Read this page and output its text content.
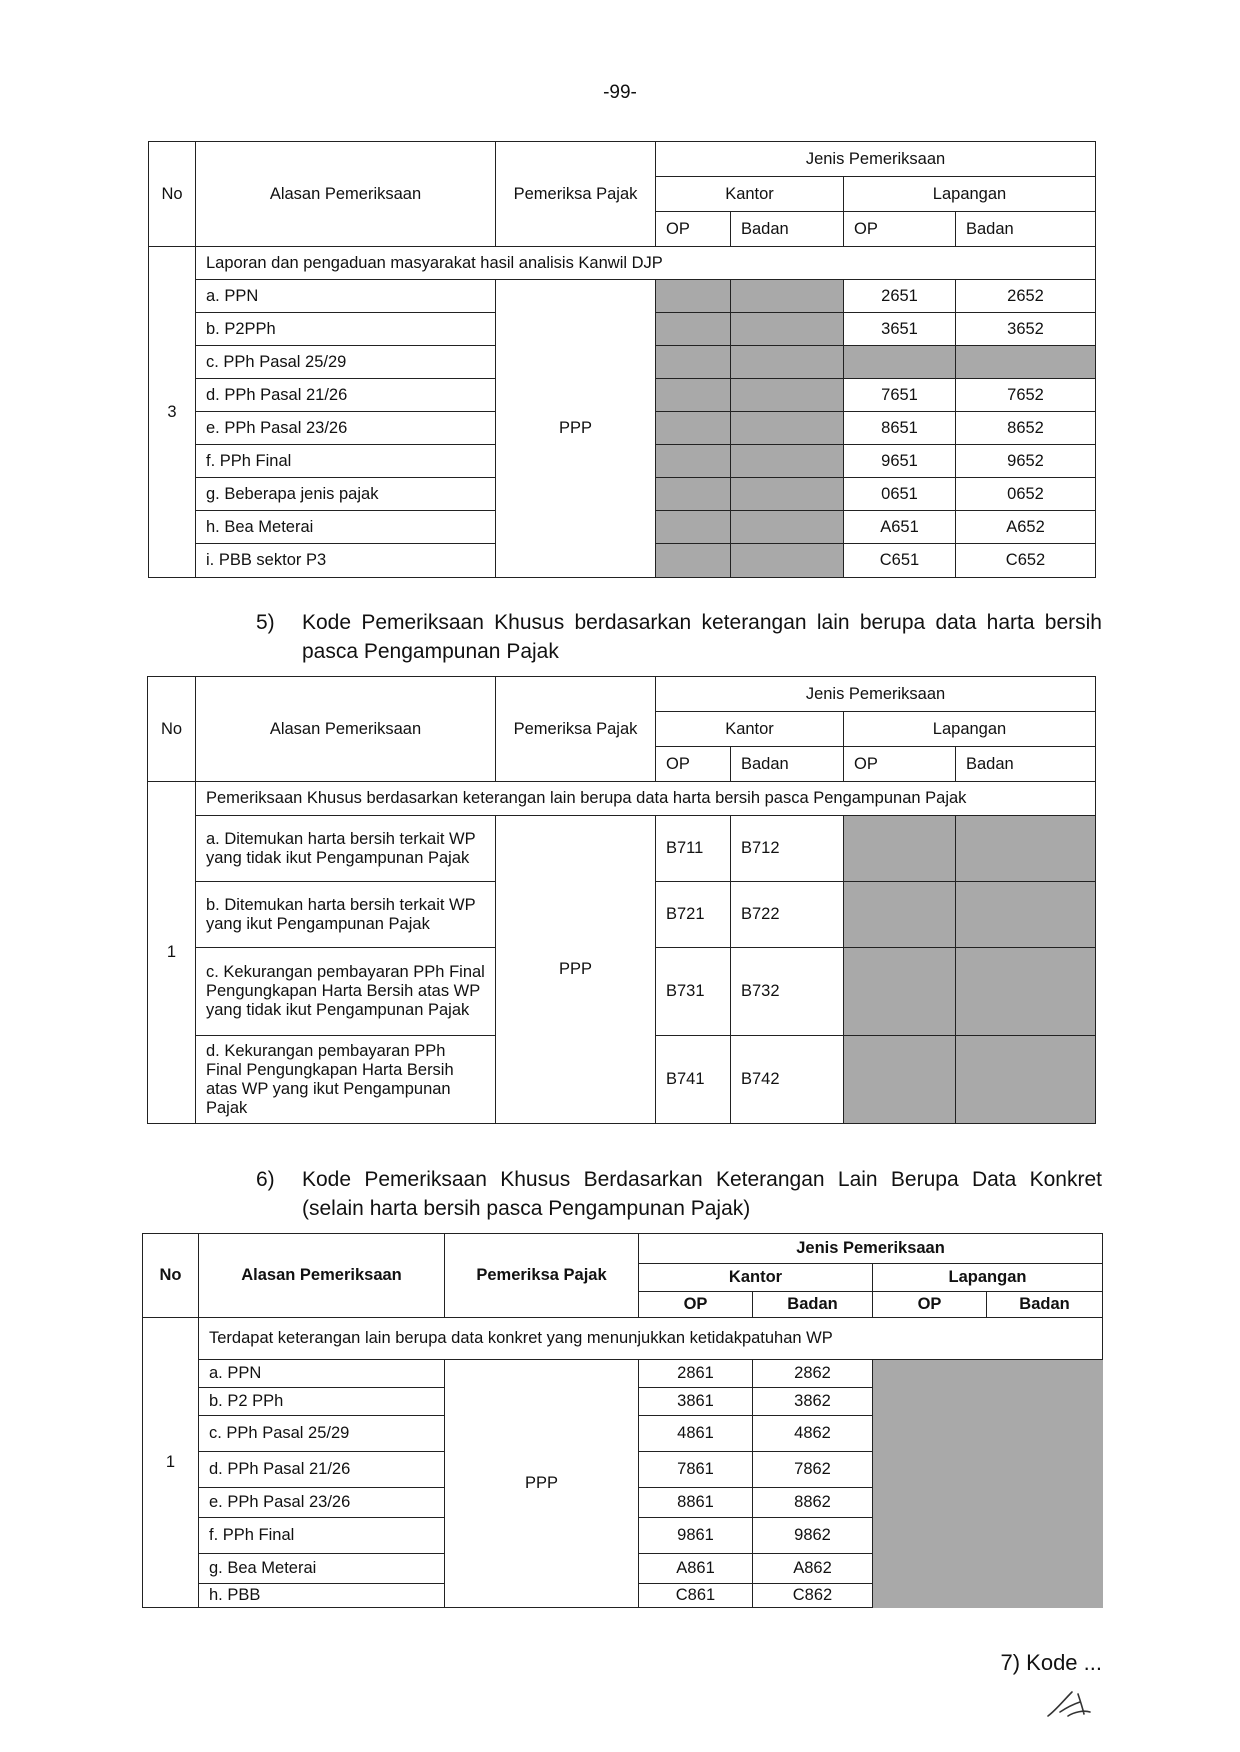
-99-
No	Alasan Pemeriksaan	Pemeriksa Pajak	Jenis Pemeriksaan			
			Kantor		Lapangan	
			OP	Badan	OP	Badan
3	Laporan dan pengaduan masyarakat hasil analisis Kanwil DJP					
	a. PPN	PPP			2651	2652
	b. P2PPh				3651	3652
	c. PPh Pasal 25/29					
	d. PPh Pasal 21/26				7651	7652
	e. PPh Pasal 23/26				8651	8652
	f. PPh Final				9651	9652
	g. Beberapa jenis pajak				0651	0652
	h. Bea Meterai				A651	A652
	i. PBB sektor P3				C651	C652
5) Kode Pemeriksaan Khusus berdasarkan keterangan lain berupa data harta bersih pasca Pengampunan Pajak
No	Alasan Pemeriksaan	Pemeriksa Pajak	Jenis Pemeriksaan			
			Kantor		Lapangan	
			OP	Badan	OP	Badan
1	Pemeriksaan Khusus berdasarkan keterangan lain berupa data harta bersih pasca Pengampunan Pajak					
	a. Ditemukan harta bersih terkait WP yang tidak ikut Pengampunan Pajak	PPP	B711	B712		
	b. Ditemukan harta bersih terkait WP yang ikut Pengampunan Pajak		B721	B722		
	c. Kekurangan pembayaran PPh Final Pengungkapan Harta Bersih atas WP yang tidak ikut Pengampunan Pajak		B731	B732		
	d. Kekurangan pembayaran PPh Final Pengungkapan Harta Bersih atas WP yang ikut Pengampunan Pajak		B741	B742		
6) Kode Pemeriksaan Khusus Berdasarkan Keterangan Lain Berupa Data Konkret (selain harta bersih pasca Pengampunan Pajak)
No	Alasan Pemeriksaan	Pemeriksa Pajak	Jenis Pemeriksaan			
			Kantor		Lapangan	
			OP	Badan	OP	Badan
1	Terdapat keterangan lain berupa data konkret yang menunjukkan ketidakpatuhan WP					
	a. PPN	PPP	2861	2862		
	b. P2 PPh		3861	3862		
	c. PPh Pasal 25/29		4861	4862		
	d. PPh Pasal 21/26		7861	7862		
	e. PPh Pasal 23/26		8861	8862		
	f. PPh Final		9861	9862		
	g. Bea Meterai		A861	A862		
	h. PBB		C861	C862		
7) Kode ...
